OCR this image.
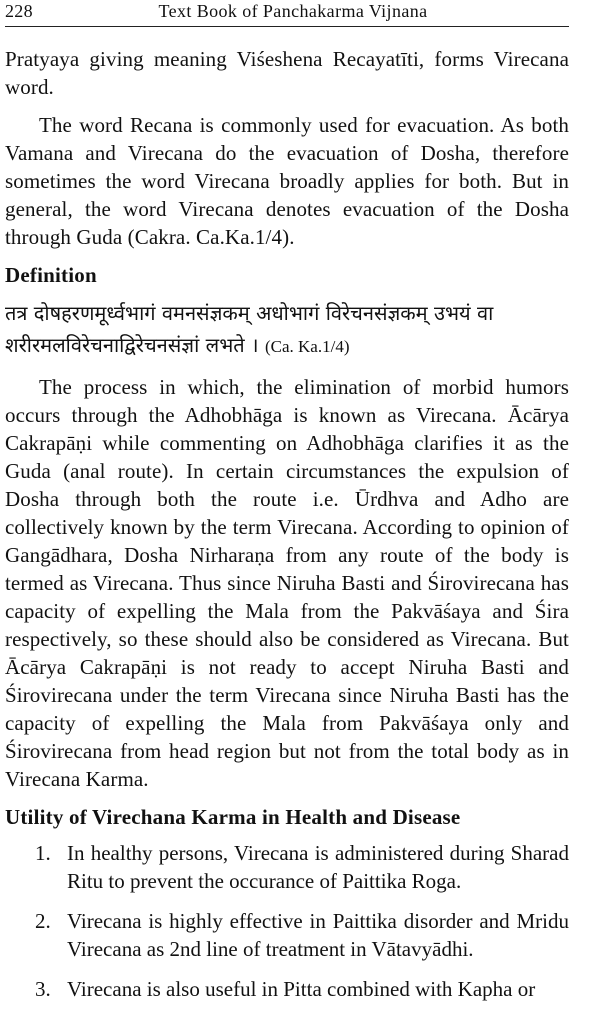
228	Text Book of Panchakarma Vijnana

Pratyaya giving meaning Viśeshena Recayatīti, forms Virecana word.

The word Recana is commonly used for evacuation. As both Vamana and Virecana do the evacuation of Dosha, therefore sometimes the word Virecana broadly applies for both. But in general, the word Virecana denotes evacuation of the Dosha through Guda (Cakra. Ca.Ka.1/4).

Definition

तत्र दोषहरणमूर्ध्वभागं वमनसंज्ञकम् अधोभागं विरेचनसंज्ञकम् उभयं वा शरीरमलविरेचनाद्विरेचनसंज्ञां लभते । (Ca. Ka.1/4)

The process in which, the elimination of morbid humors occurs through the Adhobhāga is known as Virecana. Ācārya Cakrapāṇi while commenting on Adhobhāga clarifies it as the Guda (anal route). In certain circumstances the expulsion of Dosha through both the route i.e. Ūrdhva and Adho are collectively known by the term Virecana. According to opinion of Gangādhara, Dosha Nirharaṇa from any route of the body is termed as Virecana. Thus since Niruha Basti and Śirovirecana has capacity of expelling the Mala from the Pakvāśaya and Śira respectively, so these should also be considered as Virecana. But Ācārya Cakrapāṇi is not ready to accept Niruha Basti and Śirovirecana under the term Virecana since Niruha Basti has the capacity of expelling the Mala from Pakvāśaya only and Śirovirecana from head region but not from the total body as in Virecana Karma.

Utility of Virechana Karma in Health and Disease
1. In healthy persons, Virecana is administered during Sharad Ritu to prevent the occurance of Paittika Roga.
2. Virecana is highly effective in Paittika disorder and Mridu Virecana as 2nd line of treatment in Vātavyādhi.
3. Virecana is also useful in Pitta combined with Kapha or
